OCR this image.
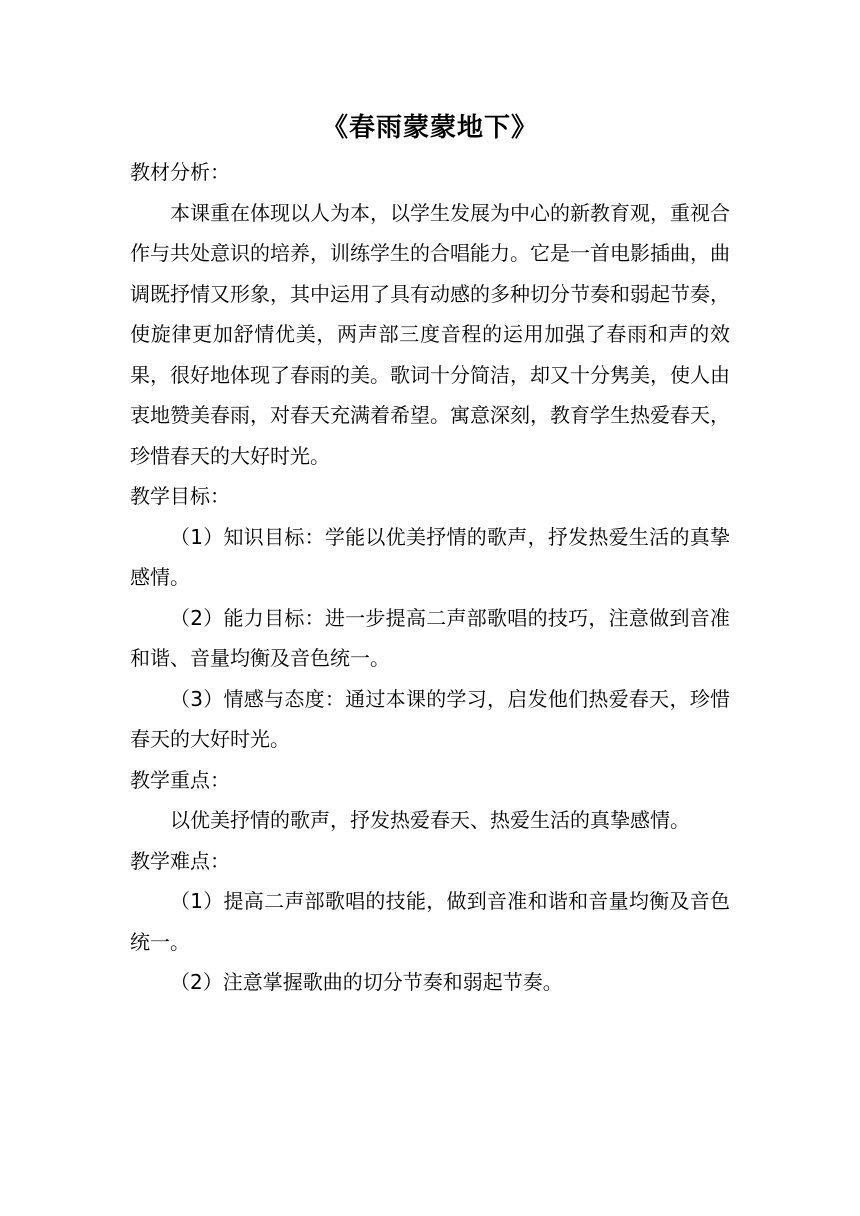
《春雨蒙蒙地下》

教材分析：

本课重在体现以人为本，以学生发展为中心的新教育观，重视合作与共处意识的培养，训练学生的合唱能力。它是一首电影插曲，曲调既抒情又形象，其中运用了具有动感的多种切分节奏和弱起节奏，使旋律更加舒情优美，两声部三度音程的运用加强了春雨和声的效果，很好地体现了春雨的美。歌词十分简洁，却又十分隽美，使人由衷地赞美春雨，对春天充满着希望。寓意深刻，教育学生热爱春天，珍惜春天的大好时光。

教学目标：

（1）知识目标：学能以优美抒情的歌声，抒发热爱生活的真挚感情。

（2）能力目标：进一步提高二声部歌唱的技巧，注意做到音准和谐、音量均衡及音色统一。

（3）情感与态度：通过本课的学习，启发他们热爱春天，珍惜春天的大好时光。

教学重点：

以优美抒情的歌声，抒发热爱春天、热爱生活的真挚感情。

教学难点：

（1）提高二声部歌唱的技能，做到音准和谐和音量均衡及音色统一。

（2）注意掌握歌曲的切分节奏和弱起节奏。
